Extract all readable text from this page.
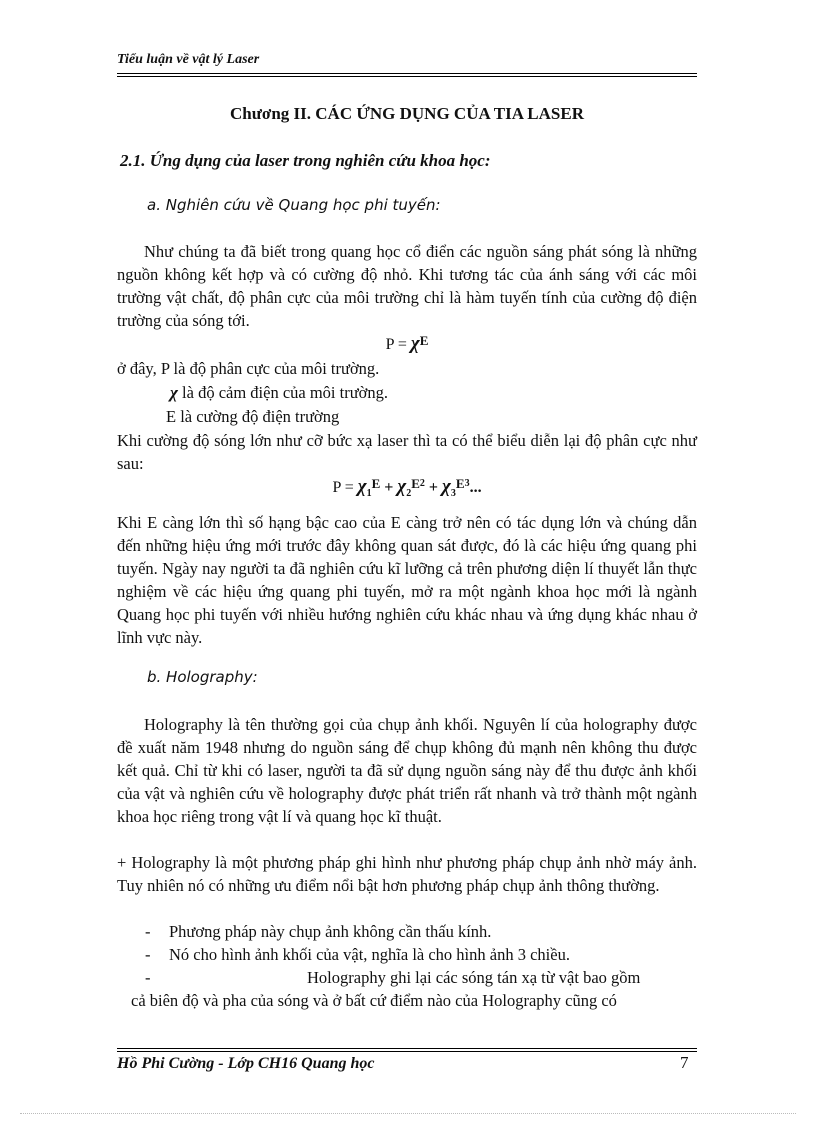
Tiểu luận về vật lý Laser
Chương II. CÁC ỨNG DỤNG CỦA TIA LASER
2.1. Ứng dụng của laser trong nghiên cứu khoa học:
a. Nghiên cứu về Quang học phi tuyến:
Như chúng ta đã biết trong quang học cổ điển các nguồn sáng phát sóng là những nguồn không kết hợp và có cường độ nhỏ. Khi tương tác của ánh sáng với các môi trường vật chất, độ phân cực của môi trường chỉ là hàm tuyến tính của cường độ điện trường của sóng tới.
$P = \chi^E$
ở đây, P là độ phân cực của môi trường.
χ là độ cảm điện của môi trường.
E là cường độ điện trường
Khi cường độ sóng lớn như cỡ bức xạ laser thì ta có thể biểu diễn lại độ phân cực như sau:
$P = \chi_1^E + \chi_2^{E2} + \chi_3^{E3}$...
Khi E càng lớn thì số hạng bậc cao của E càng trở nên có tác dụng lớn và chúng dẫn đến những hiệu ứng mới trước đây không quan sát được, đó là các hiệu ứng quang phi tuyến. Ngày nay người ta đã nghiên cứu kĩ lưỡng cả trên phương diện lí thuyết lẫn thực nghiệm về các hiệu ứng quang phi tuyến, mở ra một ngành khoa học mới là ngành Quang học phi tuyến với nhiều hướng nghiên cứu khác nhau và ứng dụng khác nhau ở lĩnh vực này.
b. Holography:
Holography là tên thường gọi của chụp ảnh khối. Nguyên lí của holography được đề xuất năm 1948 nhưng do nguồn sáng để chụp không đủ mạnh nên không thu được kết quả. Chỉ từ khi có laser, người ta đã sử dụng nguồn sáng này để thu được ảnh khối của vật và nghiên cứu về holography được phát triển rất nhanh và trở thành một ngành khoa học riêng trong vật lí và quang học kĩ thuật.
+ Holography là một phương pháp ghi hình như phương pháp chụp ảnh nhờ máy ảnh. Tuy nhiên nó có những ưu điểm nổi bật hơn phương pháp chụp ảnh thông thường.
- Phương pháp này chụp ảnh không cần thấu kính.
- Nó cho hình ảnh khối của vật, nghĩa là cho hình ảnh 3 chiều.
-	Holography ghi lại các sóng tán xạ từ vật bao gồm
cả biên độ và pha của sóng và ở bất cứ điểm nào của Holography cũng có
Hồ Phi Cường - Lớp CH16 Quang học	7
